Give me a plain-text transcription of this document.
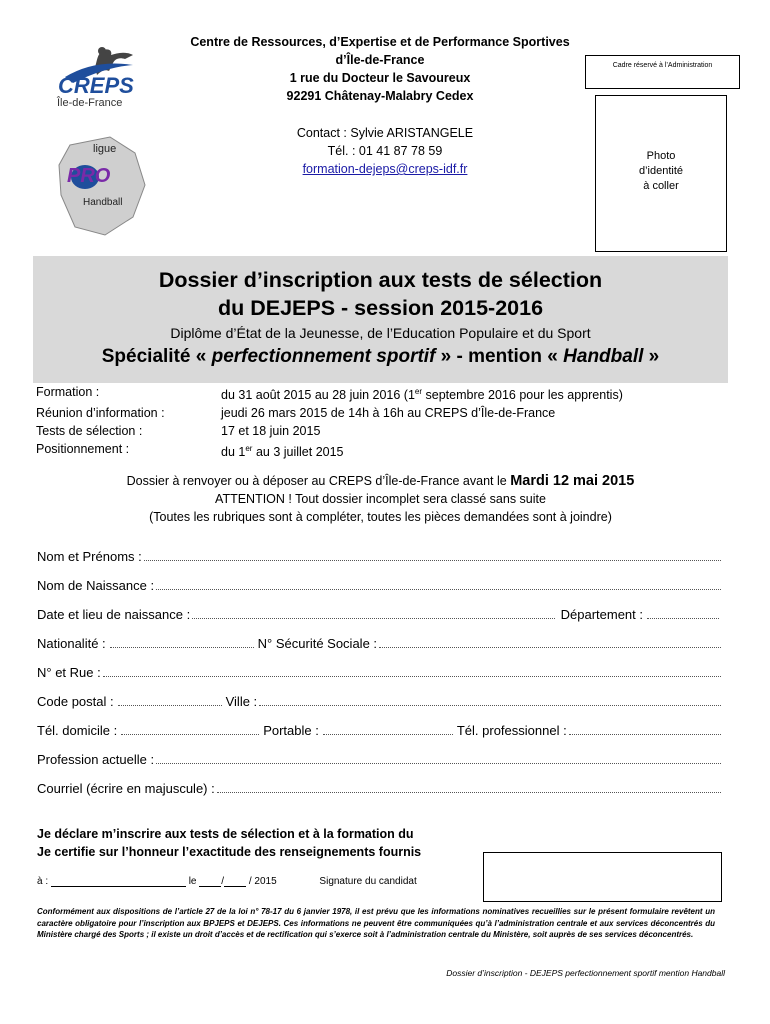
CREPS
Île-de-France
ligue
PRO
Handball
Centre de Ressources, d’Expertise et de Performance Sportives
d’Île-de-France
1 rue du Docteur le Savoureux
92291 Châtenay-Malabry Cedex
Contact : Sylvie ARISTANGELE
Tél. : 01 41 87 78 59
formation-dejeps@creps-idf.fr
Cadre réservé à l’Administration
Photo
d’identité
à coller
Dossier d’inscription aux tests de sélection
du DEJEPS - session 2015-2016
Diplôme d’État de la Jeunesse, de l’Education Populaire et du Sport
Spécialité « perfectionnement sportif » - mention « Handball »
Formation :	du 31 août 2015 au 28 juin 2016 (1er septembre 2016 pour les apprentis)
Réunion d’information :	jeudi 26 mars 2015 de 14h à 16h au CREPS d’Île-de-France
Tests de sélection :	17 et 18 juin 2015
Positionnement :	du 1er au 3 juillet 2015
Dossier à renvoyer ou à déposer au CREPS d’Île-de-France avant le Mardi 12 mai 2015
ATTENTION ! Tout dossier incomplet sera classé sans suite
(Toutes les rubriques sont à compléter, toutes les pièces demandées sont à joindre)
Nom et Prénoms :
Nom de Naissance :
Date et lieu de naissance :	Département :
Nationalité :	N° Sécurité Sociale :
N° et Rue :
Code postal :	Ville :
Tél. domicile :	Portable :	Tél. professionnel :
Profession actuelle :
Courriel (écrire en majuscule) :
Je déclare m’inscrire aux tests de sélection et à la formation du
Je certifie sur l’honneur l’exactitude des renseignements fournis
à :	le / / 2015	Signature du candidat
Conformément aux dispositions de l’article 27 de la loi n° 78-17 du 6 janvier 1978, il est prévu que les informations nominatives recueillies sur le présent formulaire revêtent un caractère obligatoire pour l’inscription aux BPJEPS et DEJEPS. Ces informations ne peuvent être communiquées qu’à l’administration centrale et aux services déconcentrés du Ministère chargé des Sports ; il existe un droit d’accès et de rectification qui s’exerce soit à l’administration centrale du Ministère, soit auprès de ses services déconcentrés.
Dossier d’inscription - DEJEPS perfectionnement sportif mention Handball
